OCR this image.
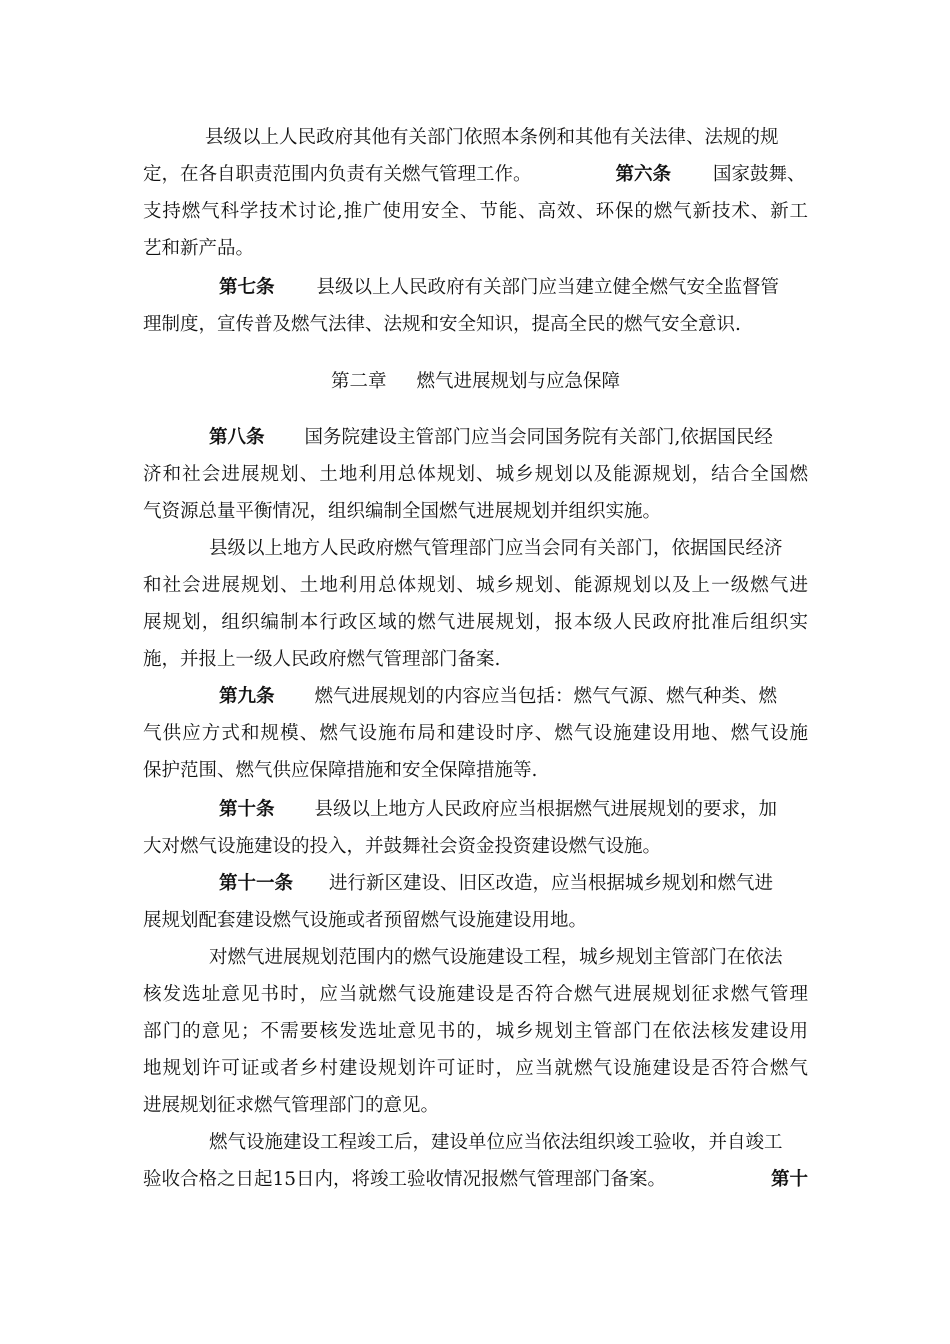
县级以上人民政府其他有关部门依照本条例和其他有关法律、法规的规
定，在各自职责范围内负责有关燃气管理工作。	第六条 国家鼓舞、
支持燃气科学技术讨论,推广使用安全、节能、高效、环保的燃气新技术、新工
艺和新产品。
第七条 县级以上人民政府有关部门应当建立健全燃气安全监督管
理制度，宣传普及燃气法律、法规和安全知识，提高全民的燃气安全意识.
第二章 燃气进展规划与应急保障
第八条 国务院建设主管部门应当会同国务院有关部门,依据国民经
济和社会进展规划、土地利用总体规划、城乡规划以及能源规划，结合全国燃
气资源总量平衡情况，组织编制全国燃气进展规划并组织实施。
县级以上地方人民政府燃气管理部门应当会同有关部门，依据国民经济
和社会进展规划、土地利用总体规划、城乡规划、能源规划以及上一级燃气进
展规划，组织编制本行政区域的燃气进展规划，报本级人民政府批准后组织实
施，并报上一级人民政府燃气管理部门备案.
第九条 燃气进展规划的内容应当包括：燃气气源、燃气种类、燃
气供应方式和规模、燃气设施布局和建设时序、燃气设施建设用地、燃气设施
保护范围、燃气供应保障措施和安全保障措施等.
第十条 县级以上地方人民政府应当根据燃气进展规划的要求，加
大对燃气设施建设的投入，并鼓舞社会资金投资建设燃气设施。
第十一条 进行新区建设、旧区改造，应当根据城乡规划和燃气进
展规划配套建设燃气设施或者预留燃气设施建设用地。
对燃气进展规划范围内的燃气设施建设工程，城乡规划主管部门在依法
核发选址意见书时，应当就燃气设施建设是否符合燃气进展规划征求燃气管理
部门的意见；不需要核发选址意见书的，城乡规划主管部门在依法核发建设用
地规划许可证或者乡村建设规划许可证时，应当就燃气设施建设是否符合燃气
进展规划征求燃气管理部门的意见。
燃气设施建设工程竣工后，建设单位应当依法组织竣工验收，并自竣工
验收合格之日起15日内，将竣工验收情况报燃气管理部门备案。	第十
